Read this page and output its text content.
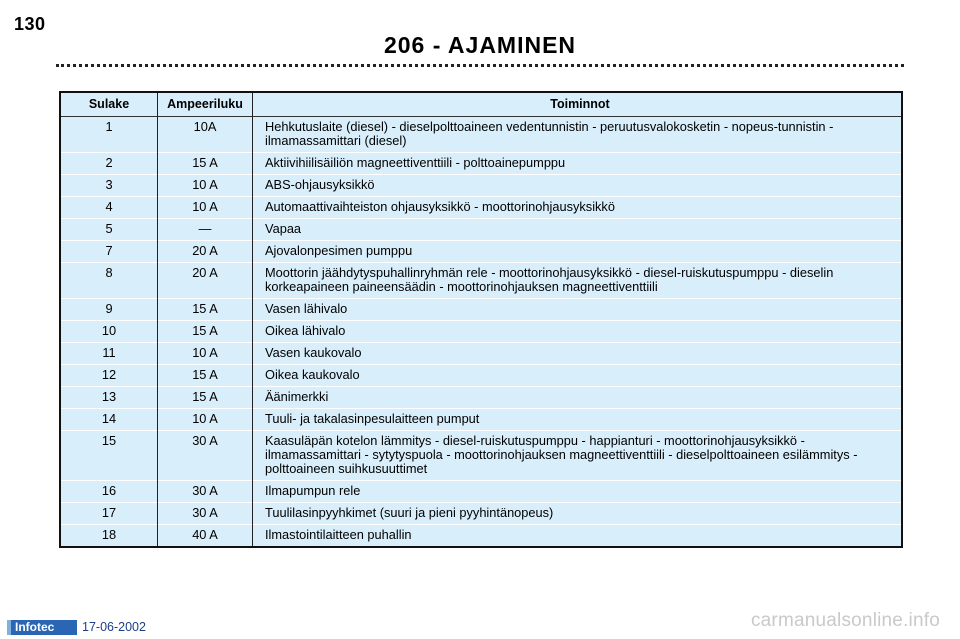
130
206 - AJAMINEN
Sulake	Ampeeriluku	Toiminnot
1	10A	Hehkutuslaite (diesel) - dieselpolttoaineen vedentunnistin - peruutusvalokosketin - nopeus-tunnistin - ilmamassamittari (diesel)
2	15 A	Aktiivihiilisäiliön magneettiventtiili - polttoainepumppu
3	10 A	ABS-ohjausyksikkö
4	10 A	Automaattivaihteiston ohjausyksikkö - moottorinohjausyksikkö
5	—	Vapaa
7	20 A	Ajovalonpesimen pumppu
8	20 A	Moottorin jäähdytyspuhallinryhmän rele - moottorinohjausyksikkö - diesel-ruiskutuspumppu - dieselin korkeapaineen paineensäädin - moottorinohjauksen magneettiventtiili
9	15 A	Vasen lähivalo
10	15 A	Oikea lähivalo
11	10 A	Vasen kaukovalo
12	15 A	Oikea kaukovalo
13	15 A	Äänimerkki
14	10 A	Tuuli- ja takalasinpesulaitteen pumput
15	30 A	Kaasuläpän kotelon lämmitys - diesel-ruiskutuspumppu - happianturi - moottorinohjausyksikkö - ilmamassamittari - sytytyspuola - moottorinohjauksen magneettiventtiili - dieselpolttoaineen esilämmitys - polttoaineen suihkusuuttimet
16	30 A	Ilmapumpun rele
17	30 A	Tuulilasinpyyhkimet (suuri ja pieni pyyhintänopeus)
18	40 A	Ilmastointilaitteen puhallin
Infotec	17-06-2002	carmanualsonline.info
